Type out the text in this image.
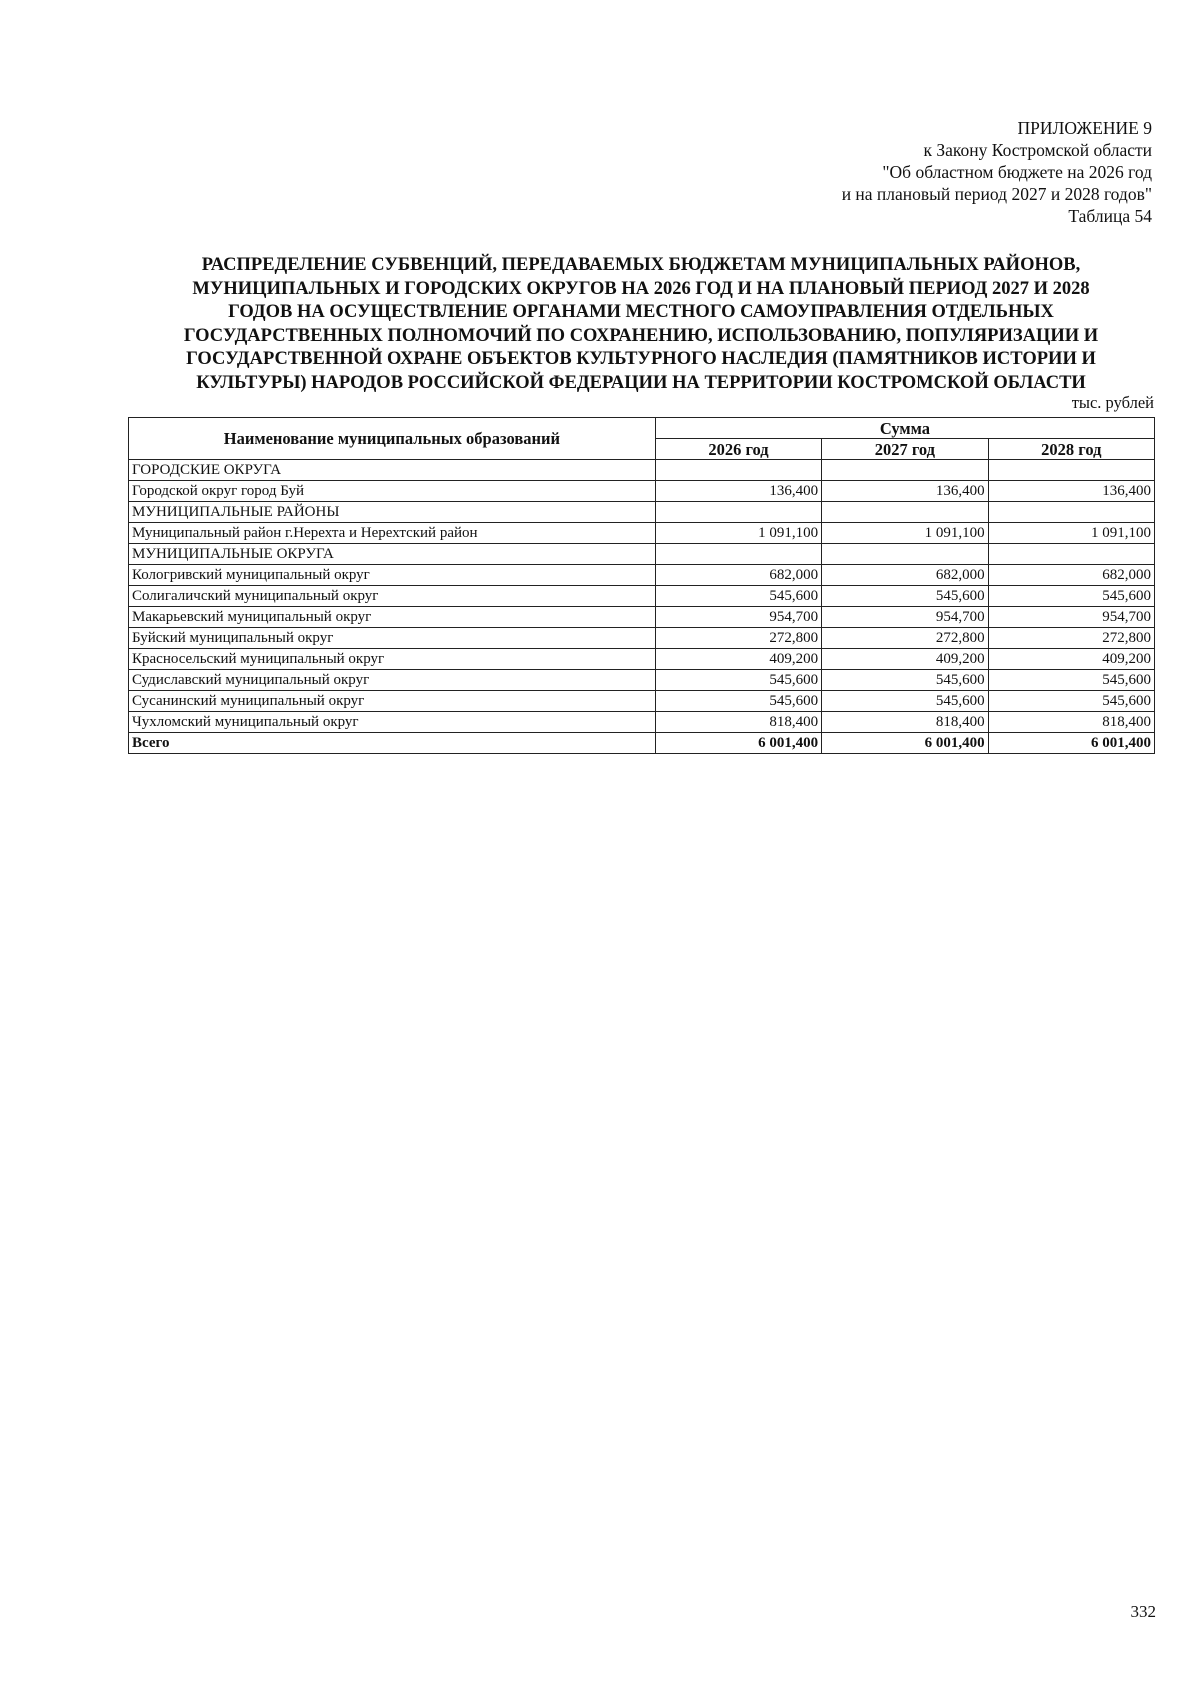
ПРИЛОЖЕНИЕ 9
к Закону Костромской области
"Об областном бюджете на 2026 год
и на плановый период 2027 и 2028 годов"
Таблица 54
РАСПРЕДЕЛЕНИЕ СУБВЕНЦИЙ, ПЕРЕДАВАЕМЫХ БЮДЖЕТАМ МУНИЦИПАЛЬНЫХ РАЙОНОВ,
МУНИЦИПАЛЬНЫХ И ГОРОДСКИХ ОКРУГОВ НА 2026 ГОД И НА ПЛАНОВЫЙ ПЕРИОД 2027 И 2028
ГОДОВ НА ОСУЩЕСТВЛЕНИЕ ОРГАНАМИ МЕСТНОГО САМОУПРАВЛЕНИЯ ОТДЕЛЬНЫХ
ГОСУДАРСТВЕННЫХ ПОЛНОМОЧИЙ ПО СОХРАНЕНИЮ, ИСПОЛЬЗОВАНИЮ, ПОПУЛЯРИЗАЦИИ И
ГОСУДАРСТВЕННОЙ ОХРАНЕ ОБЪЕКТОВ КУЛЬТУРНОГО НАСЛЕДИЯ (ПАМЯТНИКОВ ИСТОРИИ И
КУЛЬТУРЫ) НАРОДОВ РОССИЙСКОЙ ФЕДЕРАЦИИ НА ТЕРРИТОРИИ КОСТРОМСКОЙ ОБЛАСТИ
тыс. рублей
Наименование муниципальных образований	Сумма		
	2026 год	2027 год	2028 год
ГОРОДСКИЕ ОКРУГА			
Городской округ город Буй	136,400	136,400	136,400
МУНИЦИПАЛЬНЫЕ РАЙОНЫ			
Муниципальный район г.Нерехта и Нерехтский район	1 091,100	1 091,100	1 091,100
МУНИЦИПАЛЬНЫЕ ОКРУГА			
Кологривский муниципальный округ	682,000	682,000	682,000
Солигаличский муниципальный округ	545,600	545,600	545,600
Макарьевский муниципальный округ	954,700	954,700	954,700
Буйский муниципальный округ	272,800	272,800	272,800
Красносельский муниципальный округ	409,200	409,200	409,200
Судиславский муниципальный округ	545,600	545,600	545,600
Сусанинский муниципальный округ	545,600	545,600	545,600
Чухломский муниципальный округ	818,400	818,400	818,400
Всего	6 001,400	6 001,400	6 001,400
332
